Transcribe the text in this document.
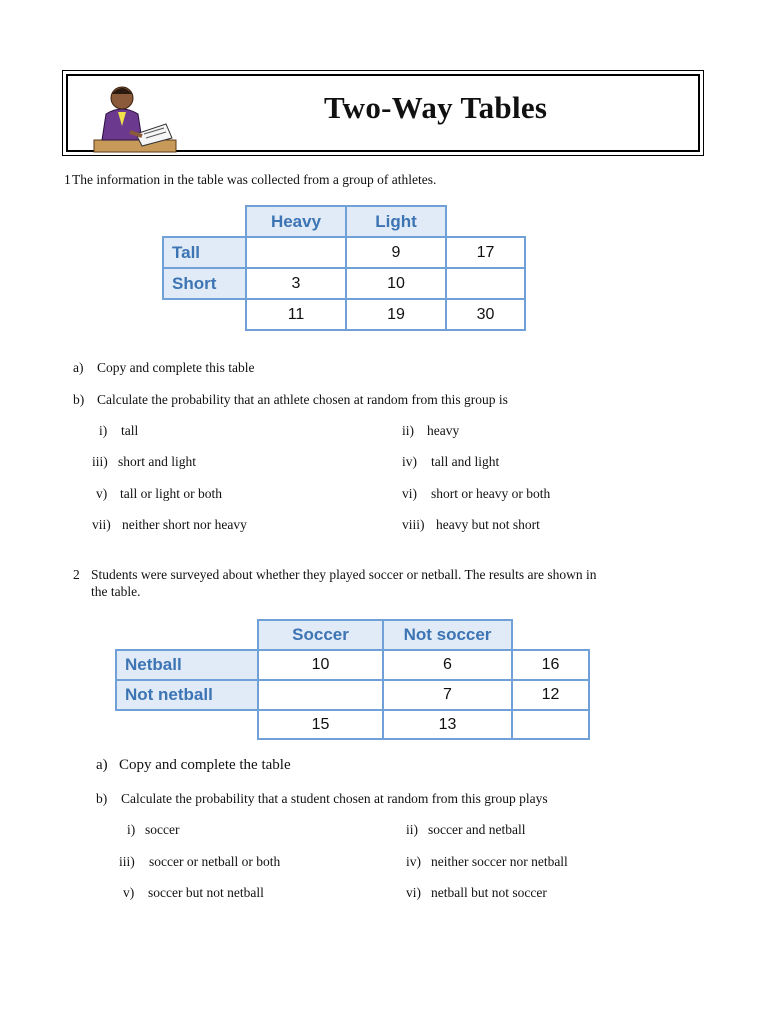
Two-Way Tables
1 The information in the table was collected from a group of athletes.
	Heavy	Light	
Tall		9	17
Short	3	10	
	11	19	30
a) Copy and complete this table
b) Calculate the probability that an athlete chosen at random from this group is
i) tall	ii) heavy
iii) short and light	iv) tall and light
v) tall or light or both	vi) short or heavy or both
vii) neither short nor heavy	viii) heavy but not short
2 Students were surveyed about whether they played soccer or netball. The results are shown in
the table.
	Soccer	Not soccer	
Netball	10	6	16
Not netball		7	12
	15	13	
a) Copy and complete the table
b) Calculate the probability that a student chosen at random from this group plays
i) soccer	ii) soccer and netball
iii) soccer or netball or both	iv) neither soccer nor netball
v) soccer but not netball	vi) netball but not soccer
